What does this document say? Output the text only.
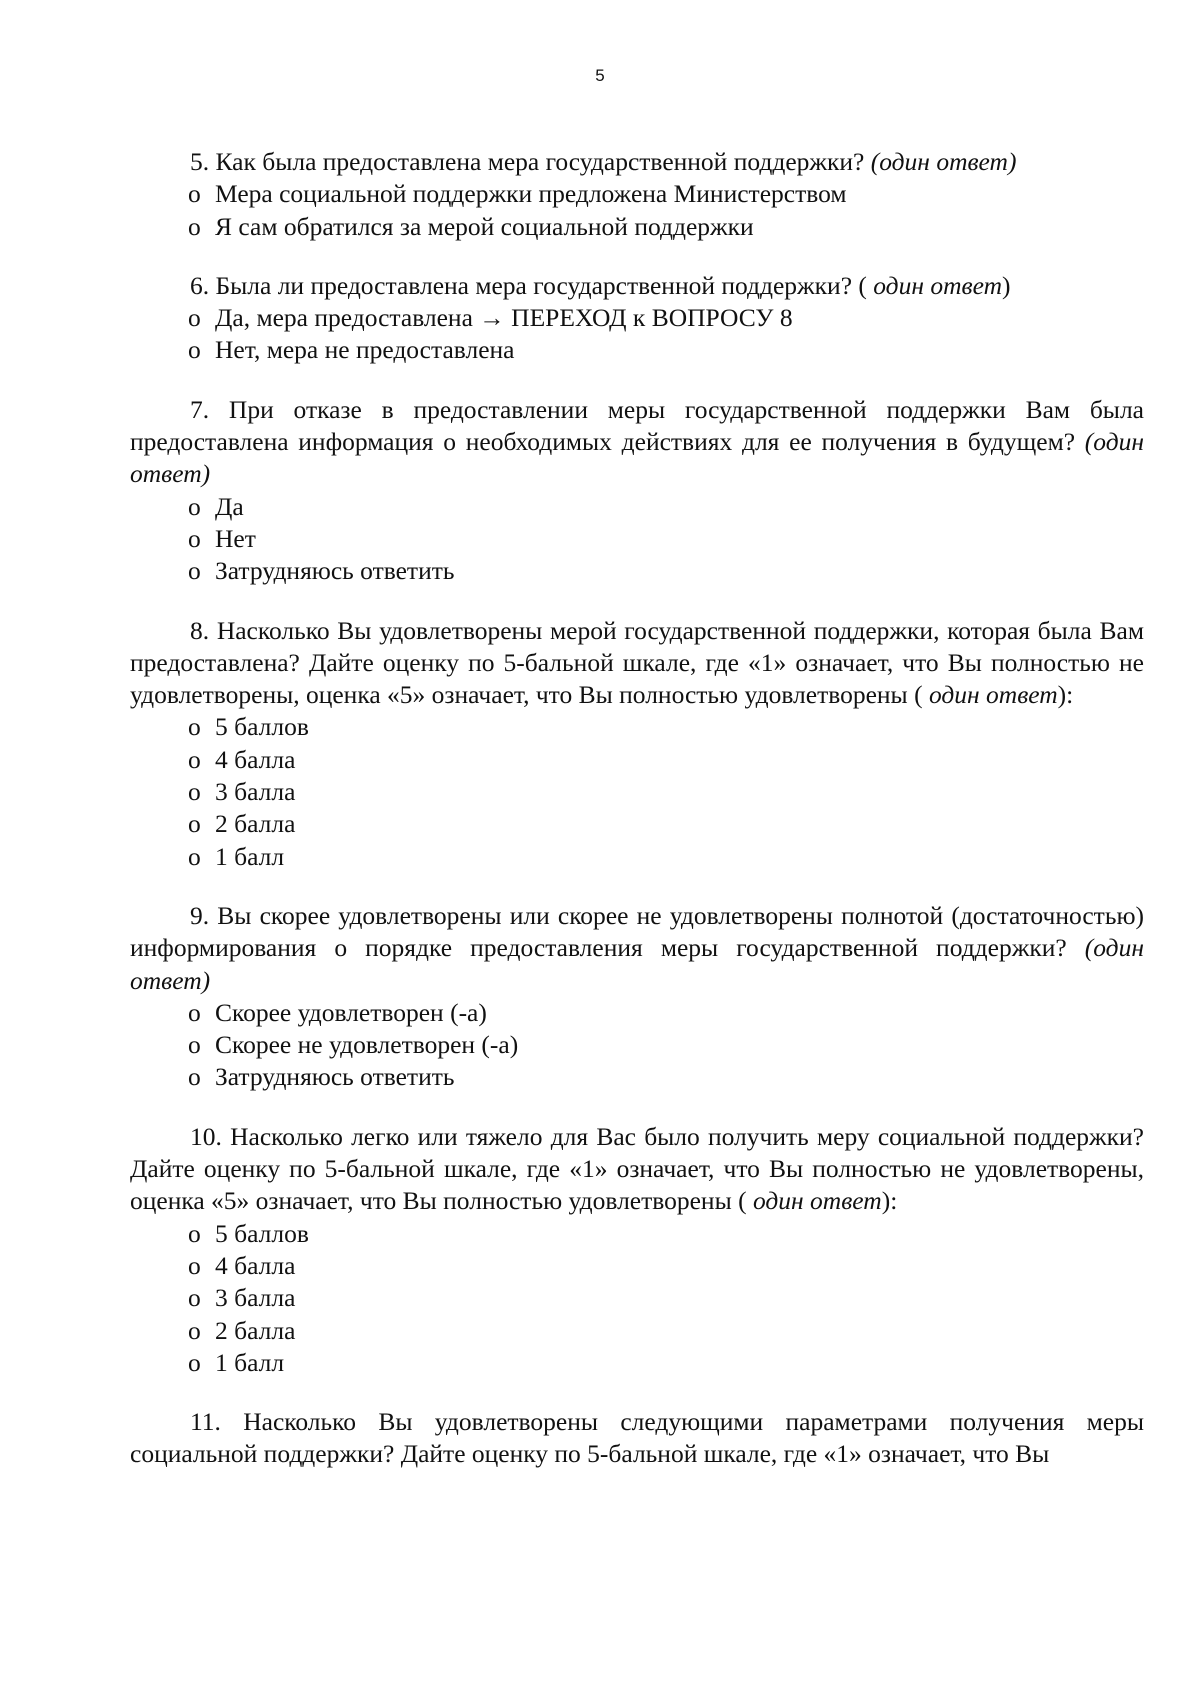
5

5. Как была предоставлена мера государственной поддержки? (один ответ)

o Мера социальной поддержки предложена Министерством
o Я сам обратился за мерой социальной поддержки

6. Была ли предоставлена мера государственной поддержки? ( один ответ)

o Да, мера предоставлена → ПЕРЕХОД к ВОПРОСУ 8
o Нет, мера не предоставлена

7. При отказе в предоставлении меры государственной поддержки Вам была предоставлена информация о необходимых действиях для ее получения в будущем? (один ответ)

o Да
o Нет
o Затрудняюсь ответить

8. Насколько Вы удовлетворены мерой государственной поддержки, которая была Вам предоставлена? Дайте оценку по 5-бальной шкале, где «1» означает, что Вы полностью не удовлетворены, оценка «5» означает, что Вы полностью удовлетворены ( один ответ):

o 5 баллов
o 4 балла
o 3 балла
o 2 балла
o 1 балл

9. Вы скорее удовлетворены или скорее не удовлетворены полнотой (достаточностью) информирования о порядке предоставления меры государственной поддержки? (один ответ)

o Скорее удовлетворен (-а)
o Скорее не удовлетворен (-а)
o Затрудняюсь ответить

10. Насколько легко или тяжело для Вас было получить меру социальной поддержки? Дайте оценку по 5-бальной шкале, где «1» означает, что Вы полностью не удовлетворены, оценка «5» означает, что Вы полностью удовлетворены ( один ответ):

o 5 баллов
o 4 балла
o 3 балла
o 2 балла
o 1 балл

11. Насколько Вы удовлетворены следующими параметрами получения меры социальной поддержки? Дайте оценку по 5-бальной шкале, где «1» означает, что Вы
